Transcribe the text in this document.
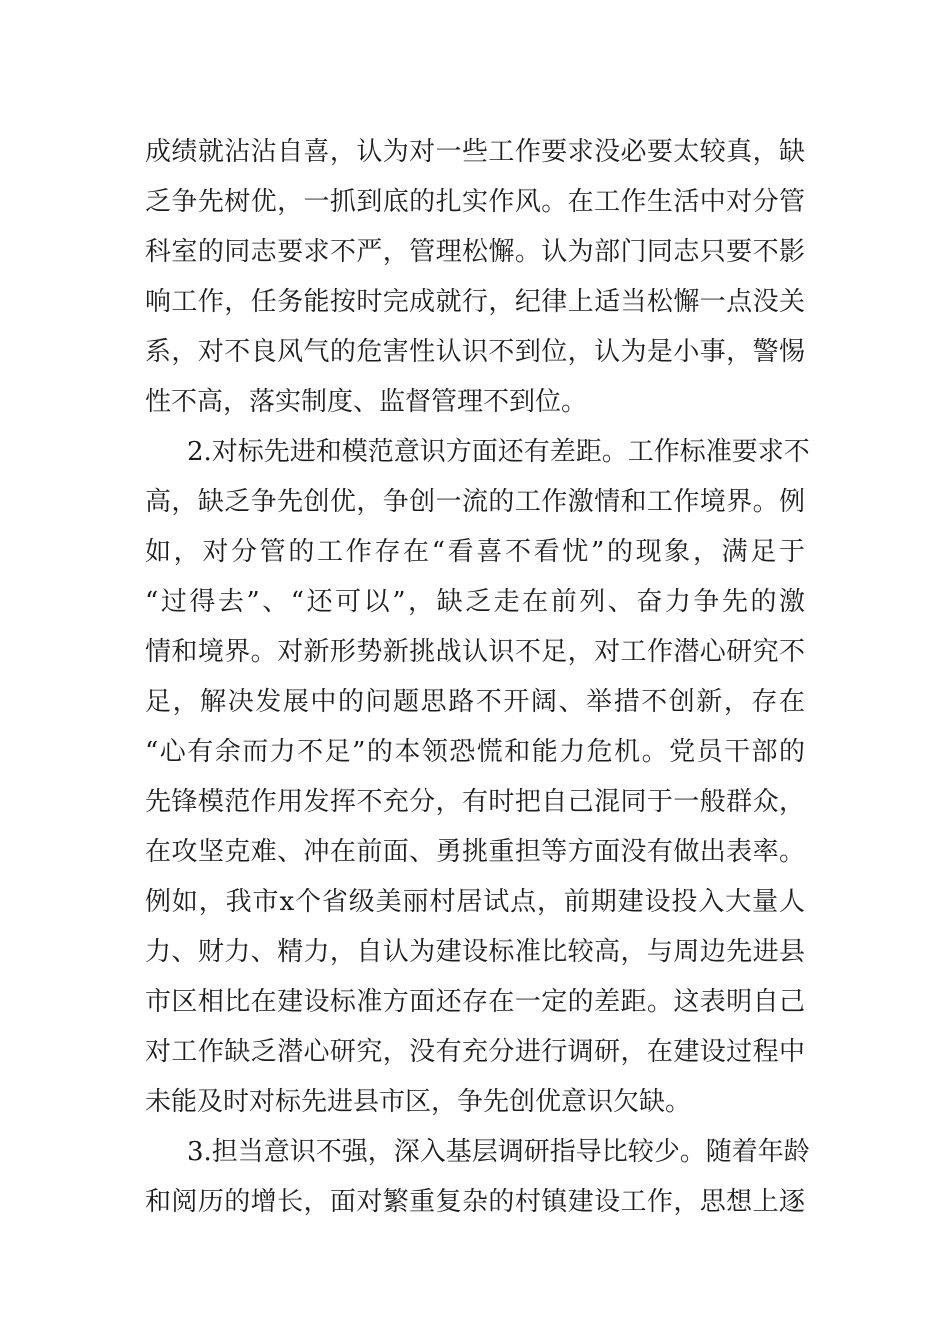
成绩就沾沾自喜，认为对一些工作要求没必要太较真，缺
乏争先树优，一抓到底的扎实作风。在工作生活中对分管
科室的同志要求不严，管理松懈。认为部门同志只要不影
响工作，任务能按时完成就行，纪律上适当松懈一点没关
系，对不良风气的危害性认识不到位，认为是小事，警惕
性不高，落实制度、监督管理不到位。
2.对标先进和模范意识方面还有差距。工作标准要求不
高，缺乏争先创优，争创一流的工作激情和工作境界。例
如，对分管的工作存在“看喜不看忧”的现象，满足于
“过得去”、“还可以”，缺乏走在前列、奋力争先的激
情和境界。对新形势新挑战认识不足，对工作潜心研究不
足，解决发展中的问题思路不开阔、举措不创新，存在
“心有余而力不足”的本领恐慌和能力危机。党员干部的
先锋模范作用发挥不充分，有时把自己混同于一般群众，
在攻坚克难、冲在前面、勇挑重担等方面没有做出表率。
例如，我市x个省级美丽村居试点，前期建设投入大量人
力、财力、精力，自认为建设标准比较高，与周边先进县
市区相比在建设标准方面还存在一定的差距。这表明自己
对工作缺乏潜心研究，没有充分进行调研，在建设过程中
未能及时对标先进县市区，争先创优意识欠缺。
3.担当意识不强，深入基层调研指导比较少。随着年龄
和阅历的增长，面对繁重复杂的村镇建设工作，思想上逐
